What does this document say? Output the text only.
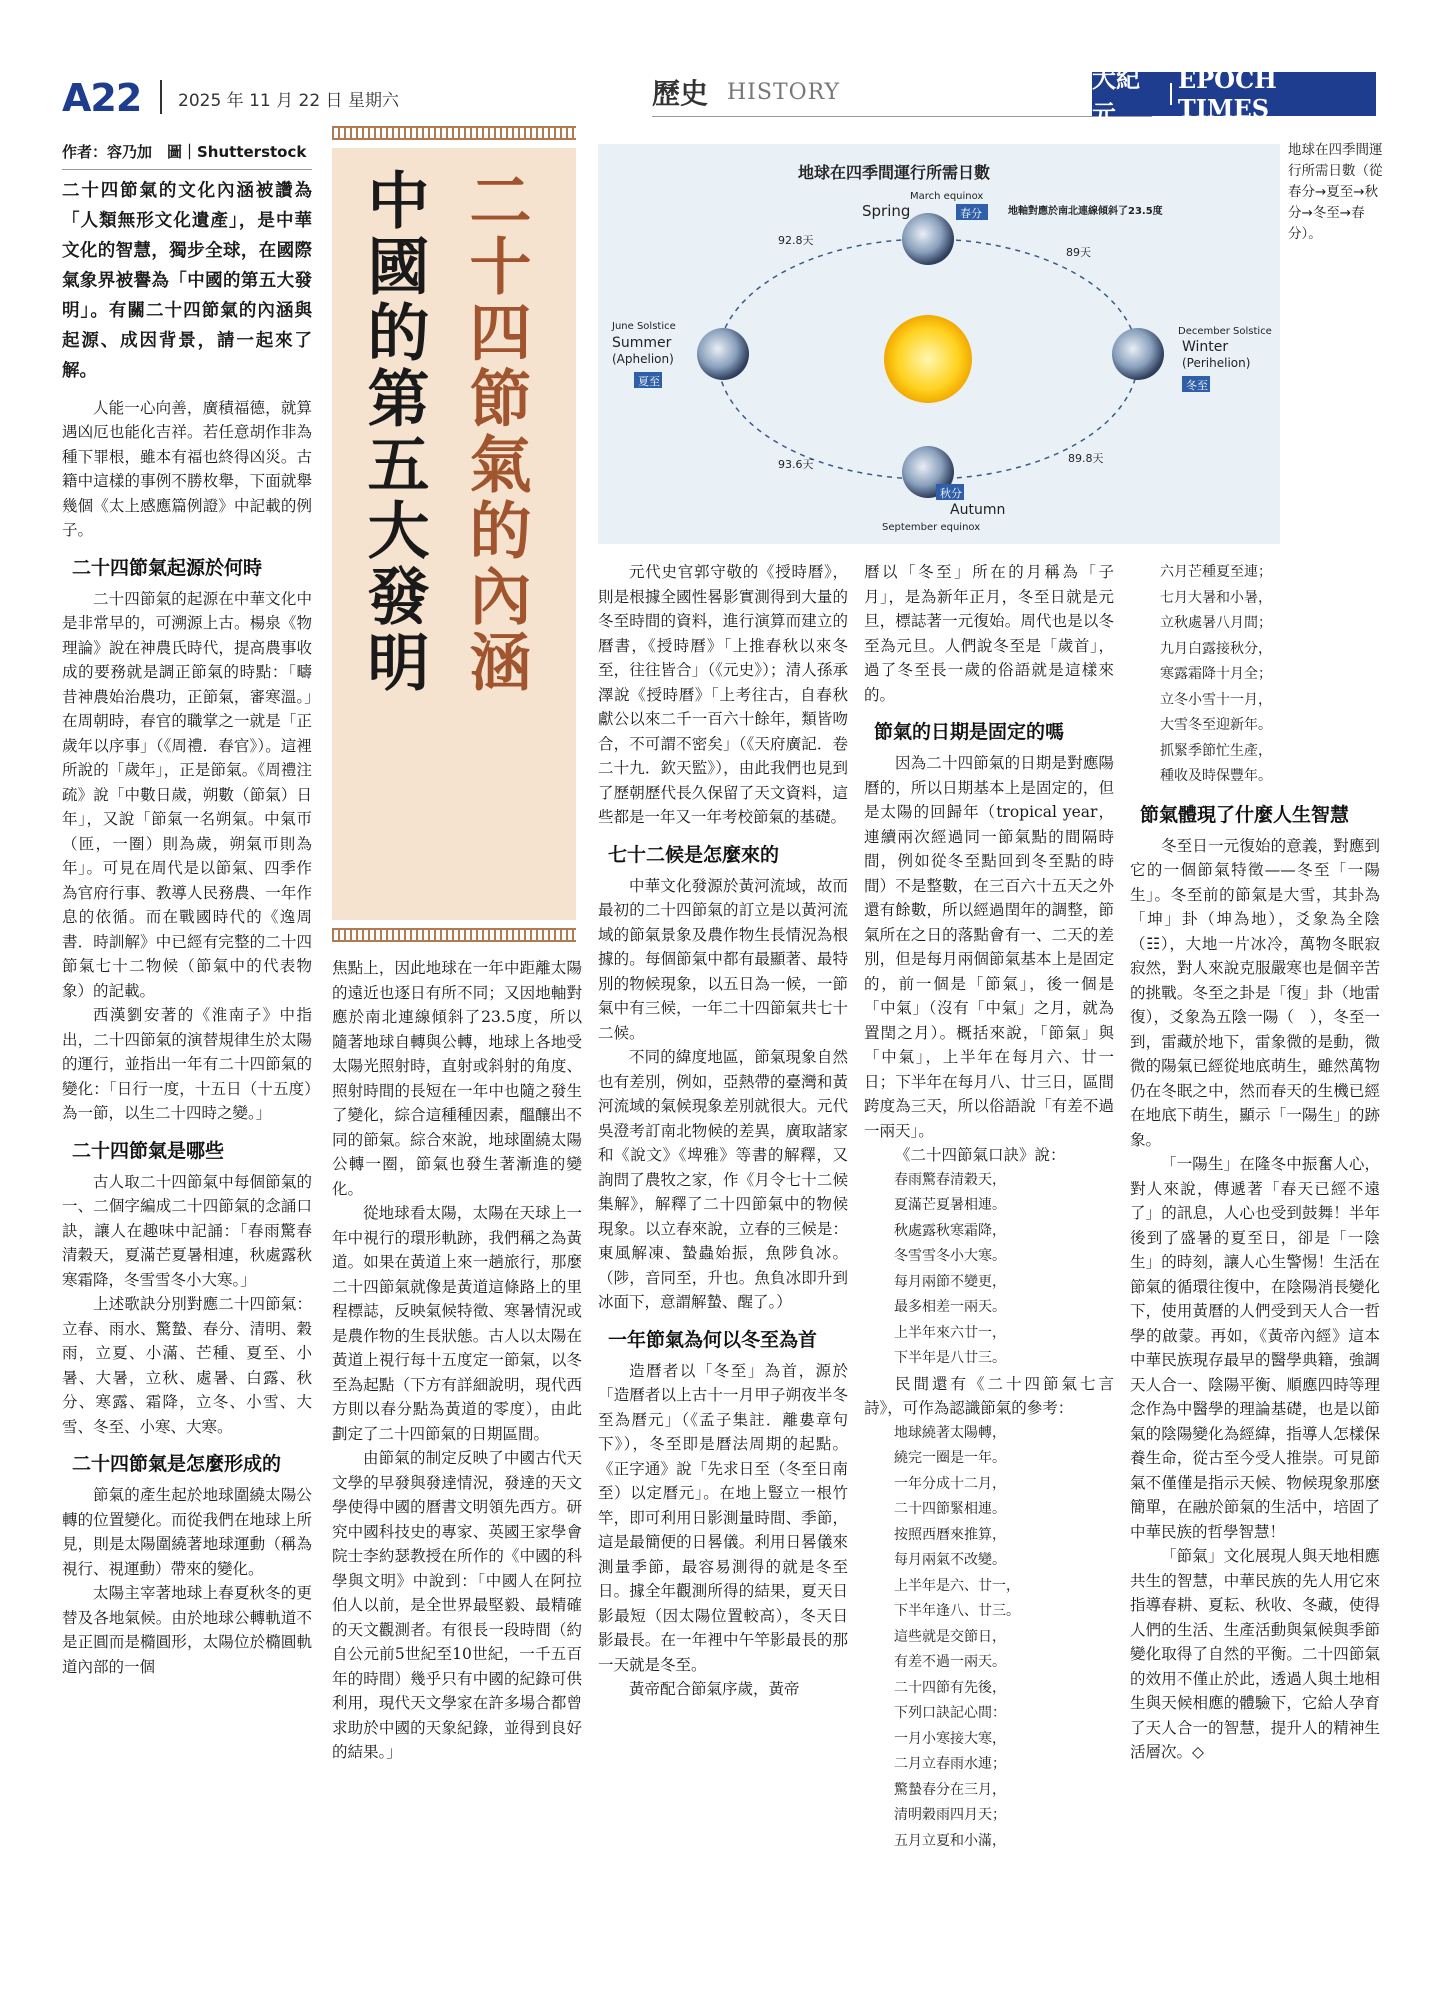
A22 2025 年 11 月 22 日 星期六	歷史 HISTORY	大紀元
EPOCH TIMES
作者：容乃加　圖｜Shutterstock

二十四節氣的文化內涵被讚為「人類無形文化遺產」，是中華文化的智慧，獨步全球，在國際氣象界被譽為「中國的第五大發明」。有關二十四節氣的內涵與起源、成因背景，請一起來了解。

人能一心向善，廣積福德，就算遇凶厄也能化吉祥。若任意胡作非為種下罪根，雖本有福也終得凶災。古籍中這樣的事例不勝枚舉，下面就舉幾個《太上感應篇例證》中記載的例子。

二十四節氣起源於何時

二十四節氣的起源在中華文化中是非常早的，可溯源上古。楊泉《物理論》說在神農氏時代，提高農事收成的要務就是調正節氣的時點：「疇昔神農始治農功，正節氣，審寒溫。」在周朝時，春官的職掌之一就是「正歲年以序事」（《周禮．春官》）。這裡所說的「歲年」，正是節氣。《周禮注疏》說「中數日歲，朔數（節氣）日年」，又說「節氣一名朔氣。中氣帀（匝，一圈）則為歲，朔氣帀則為年」。可見在周代是以節氣、四季作為官府行事、教導人民務農、一年作息的依循。而在戰國時代的《逸周書．時訓解》中已經有完整的二十四節氣七十二物候（節氣中的代表物象）的記載。

西漢劉安著的《淮南子》中指出，二十四節氣的演替規律生於太陽的運行，並指出一年有二十四節氣的變化：「日行一度，十五日（十五度）為一節，以生二十四時之變。」

二十四節氣是哪些

古人取二十四節氣中每個節氣的一、二個字編成二十四節氣的念誦口訣，讓人在趣味中記誦：「春雨驚春清穀天，夏滿芒夏暑相連，秋處露秋寒霜降，冬雪雪冬小大寒。」

上述歌訣分別對應二十四節氣：立春、雨水、驚蟄、春分、清明、穀雨，立夏、小滿、芒種、夏至、小暑、大暑，立秋、處暑、白露、秋分、寒露、霜降，立冬、小雪、大雪、冬至、小寒、大寒。

二十四節氣是怎麼形成的

節氣的產生起於地球圍繞太陽公轉的位置變化。而從我們在地球上所見，則是太陽圍繞著地球運動（稱為視行、視運動）帶來的變化。

太陽主宰著地球上春夏秋冬的更替及各地氣候。由於地球公轉軌道不是正圓而是橢圓形，太陽位於橢圓軌道內部的一個

二十四節氣的內涵
中國的第五大發明

焦點上，因此地球在一年中距離太陽的遠近也逐日有所不同；又因地軸對應於南北連線傾斜了23.5度，所以隨著地球自轉與公轉，地球上各地受太陽光照射時，直射或斜射的角度、照射時間的長短在一年中也隨之發生了變化，綜合這種種因素，醞釀出不同的節氣。綜合來說，地球圍繞太陽公轉一圈，節氣也發生著漸進的變化。

從地球看太陽，太陽在天球上一年中視行的環形軌跡，我們稱之為黃道。如果在黃道上來一趟旅行，那麼二十四節氣就像是黃道這條路上的里程標誌，反映氣候特徵、寒暑情況或是農作物的生長狀態。古人以太陽在黃道上視行每十五度定一節氣，以冬至為起點（下方有詳細說明，現代西方則以春分點為黃道的零度），由此劃定了二十四節氣的日期區間。

由節氣的制定反映了中國古代天文學的早發與發達情況，發達的天文學使得中國的曆書文明領先西方。研究中國科技史的專家、英國王家學會院士李約瑟教授在所作的《中國的科學與文明》中說到：「中國人在阿拉伯人以前，是全世界最堅毅、最精確的天文觀測者。有很長一段時間（約自公元前5世紀至10世紀，一千五百年的時間）幾乎只有中國的紀錄可供利用，現代天文學家在許多場合都曾求助於中國的天象紀錄，並得到良好的結果。」

地球在四季間運行所需日數
March equinox
Spring	春分	地軸對應於南北連線傾斜了23.5度
June Solstice
Summer
(Aphelion)
夏至
秋分
Autumn
September equinox
December Solstice
Winter
(Perihelion)
冬至
92.8天
89天
93.6天	89.8天
地球在四季間運行所需日數（從春分→夏至→秋分→冬至→春分）。

元代史官郭守敬的《授時曆》，則是根據全國性晷影實測得到大量的冬至時間的資料，進行演算而建立的曆書，《授時曆》「上推春秋以來冬至，往往皆合」（《元史》）；清人孫承澤說《授時曆》「上考往古，自春秋獻公以來二千一百六十餘年，類皆吻合，不可謂不密矣」（《天府廣記．卷二十九．欽天監》），由此我們也見到了歷朝歷代長久保留了天文資料，這些都是一年又一年考校節氣的基礎。

七十二候是怎麼來的

中華文化發源於黃河流域，故而最初的二十四節氣的訂立是以黃河流域的節氣景象及農作物生長情況為根據的。每個節氣中都有最顯著、最特別的物候現象，以五日為一候，一節氣中有三候，一年二十四節氣共七十二候。

不同的緯度地區，節氣現象自然也有差別，例如，亞熱帶的臺灣和黃河流域的氣候現象差別就很大。元代吳澄考訂南北物候的差異，廣取諸家和《說文》《埤雅》等書的解釋，又詢問了農牧之家，作《月令七十二候集解》，解釋了二十四節氣中的物候現象。以立春來說，立春的三候是：東風解凍、蟄蟲始振，魚陟負冰。（陟，音同至，升也。魚負冰即升到冰面下，意謂解蟄、醒了。）

一年節氣為何以冬至為首

造曆者以「冬至」為首，源於「造曆者以上古十一月甲子朔夜半冬至為曆元」（《孟子集註．離婁章句下》），冬至即是曆法周期的起點。《正字通》說「先求日至（冬至日南至）以定曆元」。在地上豎立一根竹竿，即可利用日影測量時間、季節，這是最簡便的日晷儀。利用日晷儀來測量季節，最容易測得的就是冬至日。據全年觀測所得的結果，夏天日影最短（因太陽位置較高），冬天日影最長。在一年裡中午竿影最長的那一天就是冬至。

黃帝配合節氣序歲，黃帝

曆以「冬至」所在的月稱為「子月」，是為新年正月，冬至日就是元旦，標誌著一元復始。周代也是以冬至為元旦。人們說冬至是「歲首」，過了冬至長一歲的俗語就是這樣來的。

節氣的日期是固定的嗎

因為二十四節氣的日期是對應陽曆的，所以日期基本上是固定的，但是太陽的回歸年（tropical year，連續兩次經過同一節氣點的間隔時間，例如從冬至點回到冬至點的時間）不是整數，在三百六十五天之外還有餘數，所以經過閏年的調整，節氣所在之日的落點會有一、二天的差別，但是每月兩個節氣基本上是固定的，前一個是「節氣」，後一個是「中氣」（沒有「中氣」之月，就為置閏之月）。概括來說，「節氣」與「中氣」，上半年在每月六、廿一日；下半年在每月八、廿三日，區間跨度為三天，所以俗語說「有差不過一兩天」。

《二十四節氣口訣》說：

春雨驚春清穀天，
夏滿芒夏暑相連。
秋處露秋寒霜降，
冬雪雪冬小大寒。
每月兩節不變更，
最多相差一兩天。
上半年來六廿一，
下半年是八廿三。

民間還有《二十四節氣七言詩》，可作為認識節氣的參考：

地球繞著太陽轉，
繞完一圈是一年。
一年分成十二月，
二十四節緊相連。
按照西曆來推算，
每月兩氣不改變。
上半年是六、廿一，
下半年逢八、廿三。
這些就是交節日，
有差不過一兩天。
二十四節有先後，
下列口訣記心間：
一月小寒接大寒，
二月立春雨水連；
驚蟄春分在三月，
清明穀雨四月天；
五月立夏和小滿，

六月芒種夏至連；
七月大暑和小暑，
立秋處暑八月間；
九月白露接秋分，
寒露霜降十月全；
立冬小雪十一月，
大雪冬至迎新年。
抓緊季節忙生產，
種收及時保豐年。

節氣體現了什麼人生智慧

冬至日一元復始的意義，對應到它的一個節氣特徵——冬至「一陽生」。冬至前的節氣是大雪，其卦為「坤」卦（坤為地），爻象為全陰（☷），大地一片冰冷，萬物冬眠寂寂然，對人來說克服嚴寒也是個辛苦的挑戰。冬至之卦是「復」卦（地雷復），爻象為五陰一陽（　），冬至一到，雷藏於地下，雷象微的是動，微微的陽氣已經從地底萌生，雖然萬物仍在冬眠之中，然而春天的生機已經在地底下萌生，顯示「一陽生」的跡象。

「一陽生」在隆冬中振奮人心，對人來說，傳遞著「春天已經不遠了」的訊息，人心也受到鼓舞！半年後到了盛暑的夏至日，卻是「一陰生」的時刻，讓人心生警惕！生活在節氣的循環往復中，在陰陽消長變化下，使用黃曆的人們受到天人合一哲學的啟蒙。再如，《黃帝內經》這本中華民族現存最早的醫學典籍，強調天人合一、陰陽平衡、順應四時等理念作為中醫學的理論基礎，也是以節氣的陰陽變化為經緯，指導人怎樣保養生命，從古至今受人推崇。可見節氣不僅僅是指示天候、物候現象那麼簡單，在融於節氣的生活中，培固了中華民族的哲學智慧！

「節氣」文化展現人與天地相應共生的智慧，中華民族的先人用它來指導春耕、夏耘、秋收、冬藏，使得人們的生活、生產活動與氣候與季節變化取得了自然的平衡。二十四節氣的效用不僅止於此，透過人與土地相生與天候相應的體驗下，它給人孕育了天人合一的智慧，提升人的精神生活層次。◇
